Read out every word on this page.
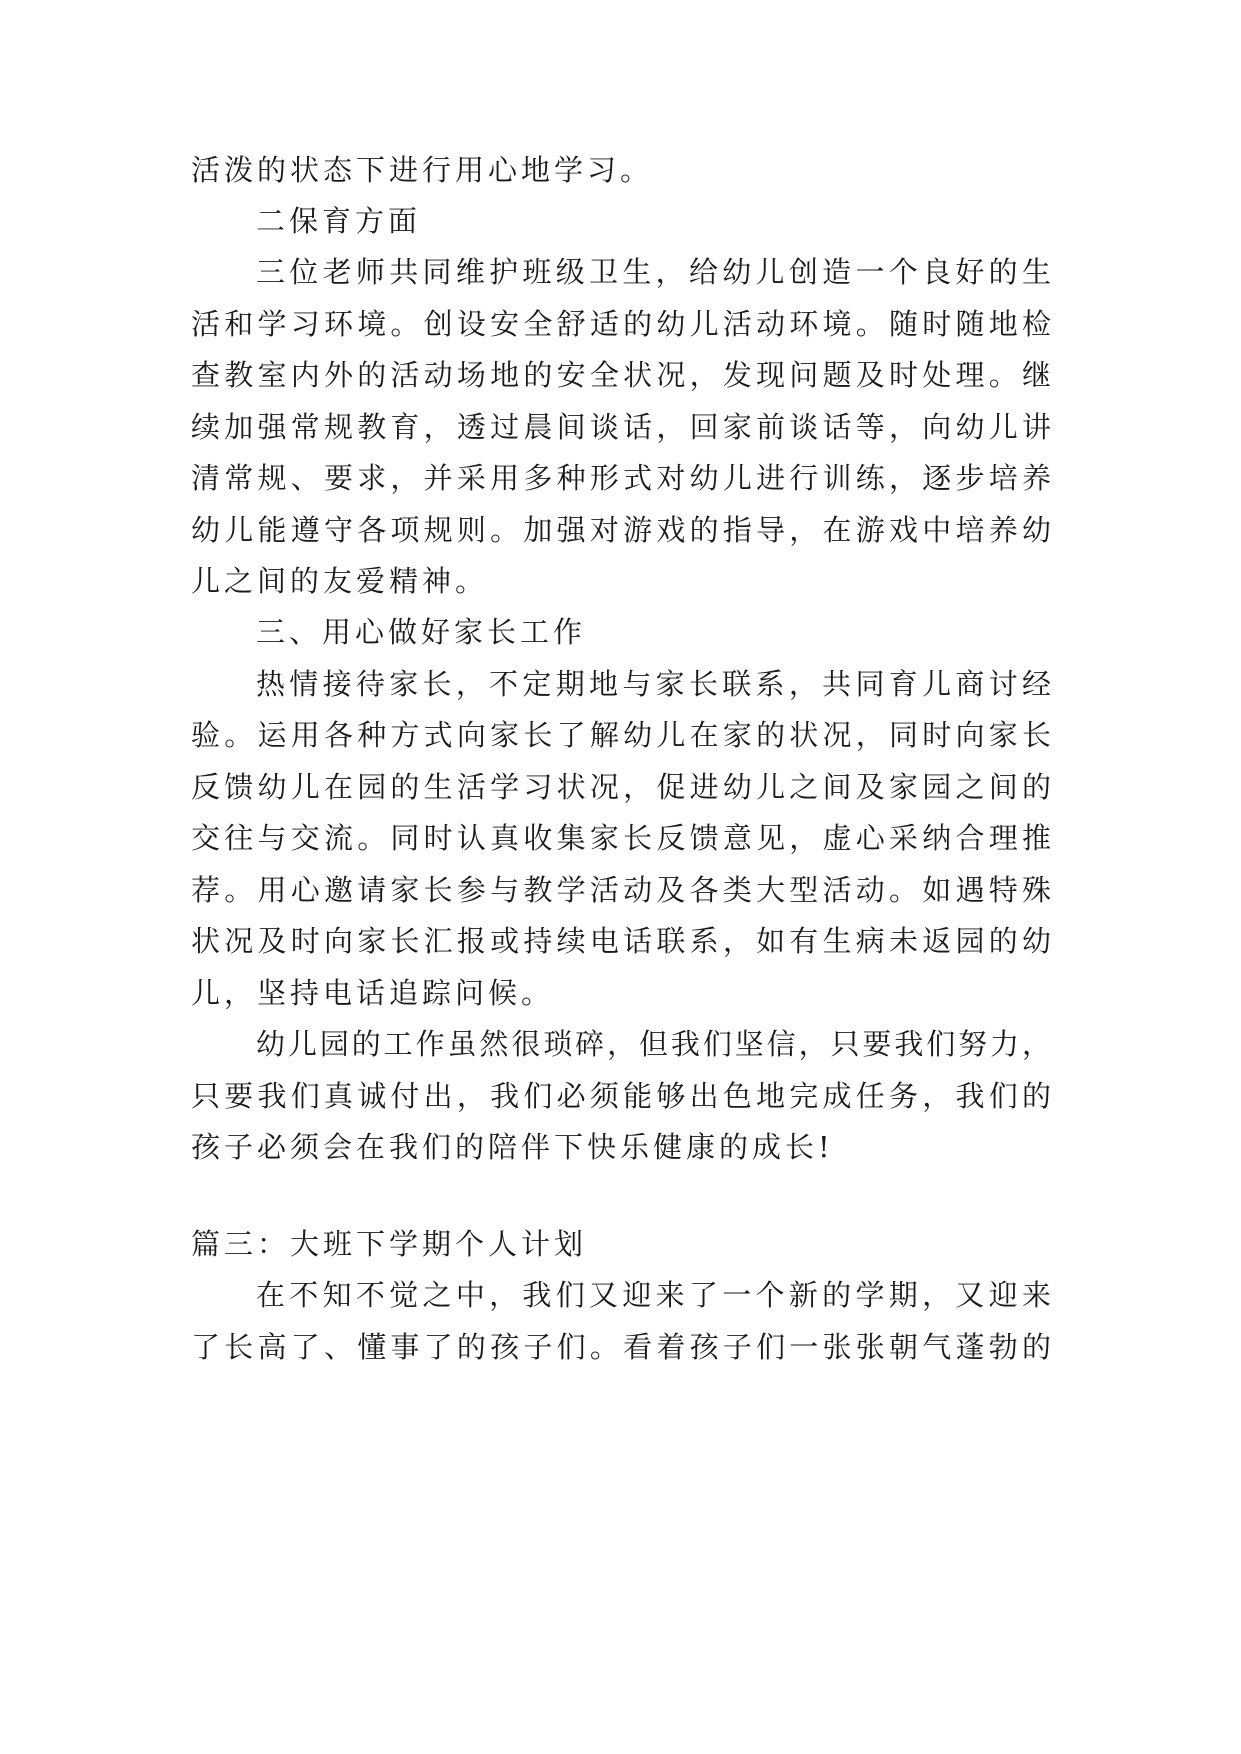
活泼的状态下进行用心地学习。
二保育方面
三位老师共同维护班级卫生，给幼儿创造一个良好的生
活和学习环境。创设安全舒适的幼儿活动环境。随时随地检
查教室内外的活动场地的安全状况，发现问题及时处理。继
续加强常规教育，透过晨间谈话，回家前谈话等，向幼儿讲
清常规、要求，并采用多种形式对幼儿进行训练，逐步培养
幼儿能遵守各项规则。加强对游戏的指导，在游戏中培养幼
儿之间的友爱精神。
三、用心做好家长工作
热情接待家长，不定期地与家长联系，共同育儿商讨经
验。运用各种方式向家长了解幼儿在家的状况，同时向家长
反馈幼儿在园的生活学习状况，促进幼儿之间及家园之间的
交往与交流。同时认真收集家长反馈意见，虚心采纳合理推
荐。用心邀请家长参与教学活动及各类大型活动。如遇特殊
状况及时向家长汇报或持续电话联系，如有生病未返园的幼
儿，坚持电话追踪问候。
幼儿园的工作虽然很琐碎，但我们坚信，只要我们努力，
只要我们真诚付出，我们必须能够出色地完成任务，我们的
孩子必须会在我们的陪伴下快乐健康的成长!
篇三：大班下学期个人计划
在不知不觉之中，我们又迎来了一个新的学期，又迎来
了长高了、懂事了的孩子们。看着孩子们一张张朝气蓬勃的
